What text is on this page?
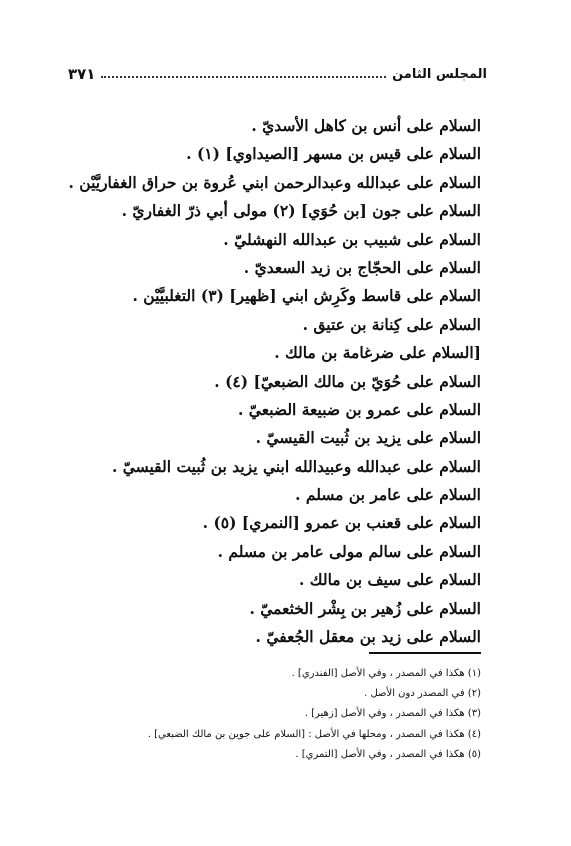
المجلس الثامن
٣٧١
السلام على أنس بن كاهل الأسديّ .
السلام على قيس بن مسهر [الصيداوي] (١) .
السلام على عبدالله وعبدالرحمن ابني عُروة بن حراق الغفاريَّيْن .
السلام على جون [بن حُوَي] (٢) مولى أبي ذرّ الغفاريّ .
السلام على شبيب بن عبدالله النهشليّ .
السلام على الحجّاج بن زيد السعديّ .
السلام على قاسط وكَرِش ابني [ظهير] (٣) التغلبيَّيْن .
السلام على كِنانة بن عتيق .
[السلام على ضرغامة بن مالك .
السلام على حُوَيّ بن مالك الضبعيّ] (٤) .
السلام على عمرو بن ضبيعة الضبعيّ .
السلام على يزيد بن ثُبيت القيسيّ .
السلام على عبدالله وعبيدالله ابني يزيد بن ثُبيت القيسيّ .
السلام على عامر بن مسلم .
السلام على قعنب بن عمرو [النمري] (٥) .
السلام على سالم مولى عامر بن مسلم .
السلام على سيف بن مالك .
السلام على زُهير بن بِشْر الخثعميّ .
السلام على زيد بن معقل الجُعفيّ .
(١) هكذا في المصدر ، وفي الأصل [الفندري] .
(٢) في المصدر دون الأصل .
(٣) هكذا في المصدر ، وفي الأصل [زهير] .
(٤) هكذا في المصدر ، ومحلها في الأصل : [السلام على جوين بن مالك الضبعي] .
(٥) هكذا في المصدر ، وفي الأصل [التمري] .
